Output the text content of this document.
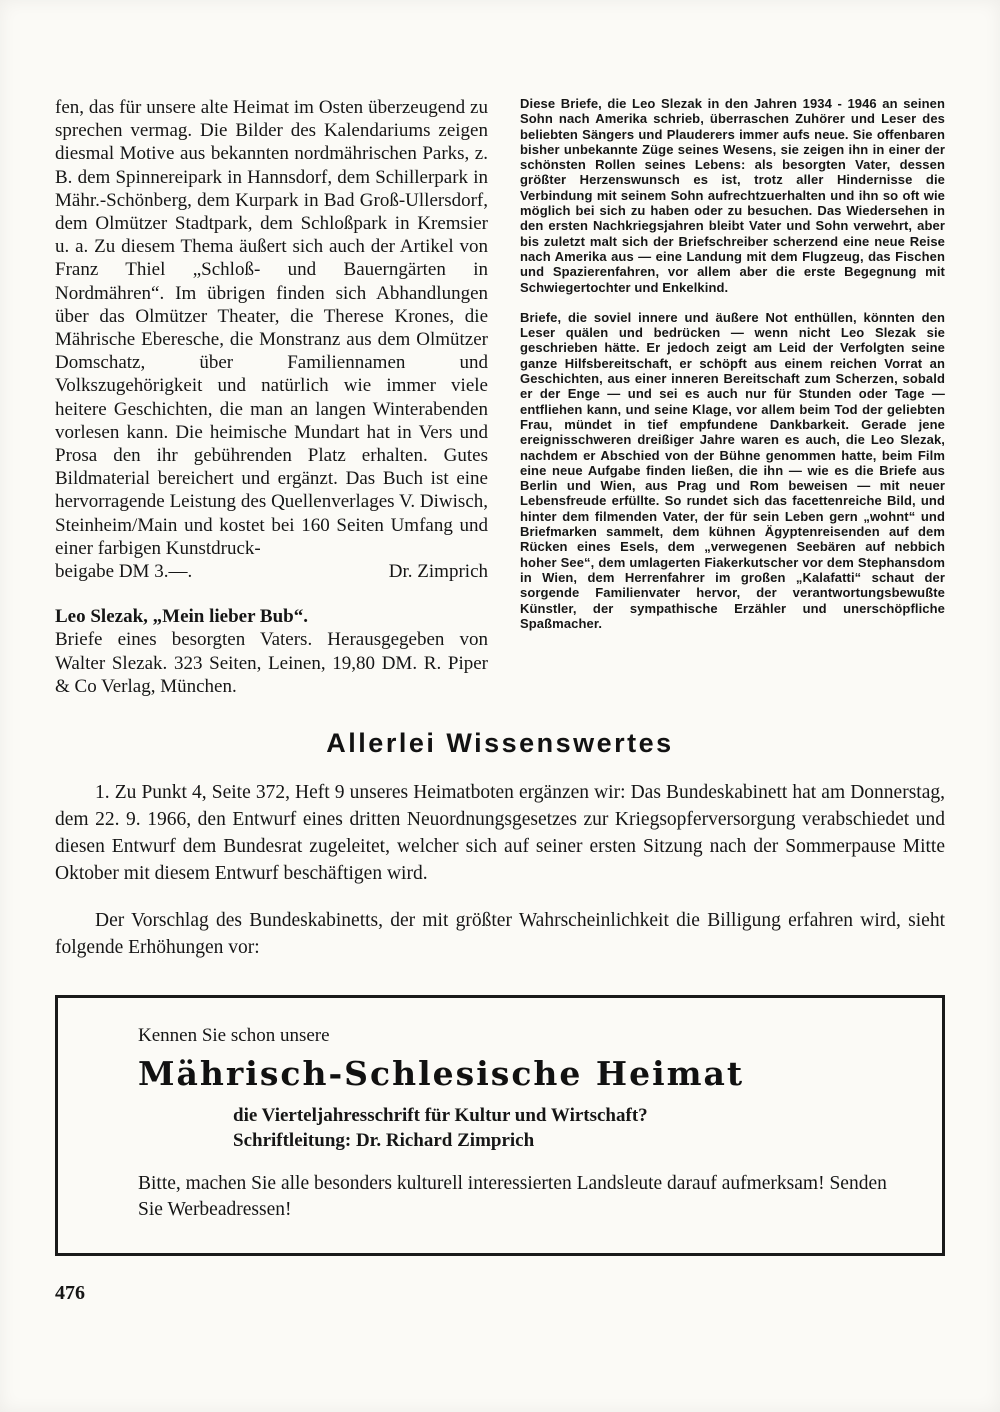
fen, das für unsere alte Heimat im Osten überzeugend zu sprechen vermag. Die Bilder des Kalendariums zeigen diesmal Motive aus bekannten nordmährischen Parks, z. B. dem Spinnereipark in Hannsdorf, dem Schillerpark in Mähr.-Schönberg, dem Kurpark in Bad Groß-Ullersdorf, dem Olmützer Stadtpark, dem Schloßpark in Kremsier u. a. Zu diesem Thema äußert sich auch der Artikel von Franz Thiel „Schloß- und Bauerngärten in Nordmähren“. Im übrigen finden sich Abhandlungen über das Olmützer Theater, die Therese Krones, die Mährische Eberesche, die Monstranz aus dem Olmützer Domschatz, über Familiennamen und Volkszugehörigkeit und natürlich wie immer viele heitere Geschichten, die man an langen Winterabenden vorlesen kann. Die heimische Mundart hat in Vers und Prosa den ihr gebührenden Platz erhalten. Gutes Bildmaterial bereichert und ergänzt. Das Buch ist eine hervorragende Leistung des Quellenverlages V. Diwisch, Steinheim/Main und kostet bei 160 Seiten Umfang und einer farbigen Kunstdruck-

beigabe DM 3.—.	Dr. Zimprich

Leo Slezak, „Mein lieber Bub“.

Briefe eines besorgten Vaters. Herausgegeben von Walter Slezak. 323 Seiten, Leinen, 19,80 DM. R. Piper & Co Verlag, München.

Diese Briefe, die Leo Slezak in den Jahren 1934 - 1946 an seinen Sohn nach Amerika schrieb, überraschen Zuhörer und Leser des beliebten Sängers und Plauderers immer aufs neue. Sie offenbaren bisher unbekannte Züge seines Wesens, sie zeigen ihn in einer der schönsten Rollen seines Lebens: als besorgten Vater, dessen größter Herzenswunsch es ist, trotz aller Hindernisse die Verbindung mit seinem Sohn aufrechtzuerhalten und ihn so oft wie möglich bei sich zu haben oder zu besuchen. Das Wiedersehen in den ersten Nachkriegsjahren bleibt Vater und Sohn verwehrt, aber bis zuletzt malt sich der Briefschreiber scherzend eine neue Reise nach Amerika aus — eine Landung mit dem Flugzeug, das Fischen und Spazierenfahren, vor allem aber die erste Begegnung mit Schwiegertochter und Enkelkind.

Briefe, die soviel innere und äußere Not enthüllen, könnten den Leser quälen und bedrücken — wenn nicht Leo Slezak sie geschrieben hätte. Er jedoch zeigt am Leid der Verfolgten seine ganze Hilfsbereitschaft, er schöpft aus einem reichen Vorrat an Geschichten, aus einer inneren Bereitschaft zum Scherzen, sobald er der Enge — und sei es auch nur für Stunden oder Tage — entfliehen kann, und seine Klage, vor allem beim Tod der geliebten Frau, mündet in tief empfundene Dankbarkeit. Gerade jene ereignisschweren dreißiger Jahre waren es auch, die Leo Slezak, nachdem er Abschied von der Bühne genommen hatte, beim Film eine neue Aufgabe finden ließen, die ihn — wie es die Briefe aus Berlin und Wien, aus Prag und Rom beweisen — mit neuer Lebensfreude erfüllte. So rundet sich das facettenreiche Bild, und hinter dem filmenden Vater, der für sein Leben gern „wohnt“ und Briefmarken sammelt, dem kühnen Ägyptenreisenden auf dem Rücken eines Esels, dem „verwegenen Seebären auf nebbich hoher See“, dem umlagerten Fiakerkutscher vor dem Stephansdom in Wien, dem Herrenfahrer im großen „Kalafatti“ schaut der sorgende Familienvater hervor, der verantwortungsbewußte Künstler, der sympathische Erzähler und unerschöpfliche Spaßmacher.

Allerlei Wissenswertes

1. Zu Punkt 4, Seite 372, Heft 9 unseres Heimatboten ergänzen wir: Das Bundeskabinett hat am Donnerstag, dem 22. 9. 1966, den Entwurf eines dritten Neuordnungsgesetzes zur Kriegsopferversorgung verabschiedet und diesen Entwurf dem Bundesrat zugeleitet, welcher sich auf seiner ersten Sitzung nach der Sommerpause Mitte Oktober mit diesem Entwurf beschäftigen wird.

Der Vorschlag des Bundeskabinetts, der mit größter Wahrscheinlichkeit die Billigung erfahren wird, sieht folgende Erhöhungen vor:

Kennen Sie schon unsere

Mährisch-Schlesische Heimat

die Vierteljahresschrift für Kultur und Wirtschaft?

Schriftleitung: Dr. Richard Zimprich

Bitte, machen Sie alle besonders kulturell interessierten Landsleute darauf aufmerksam! Senden Sie Werbeadressen!

476
